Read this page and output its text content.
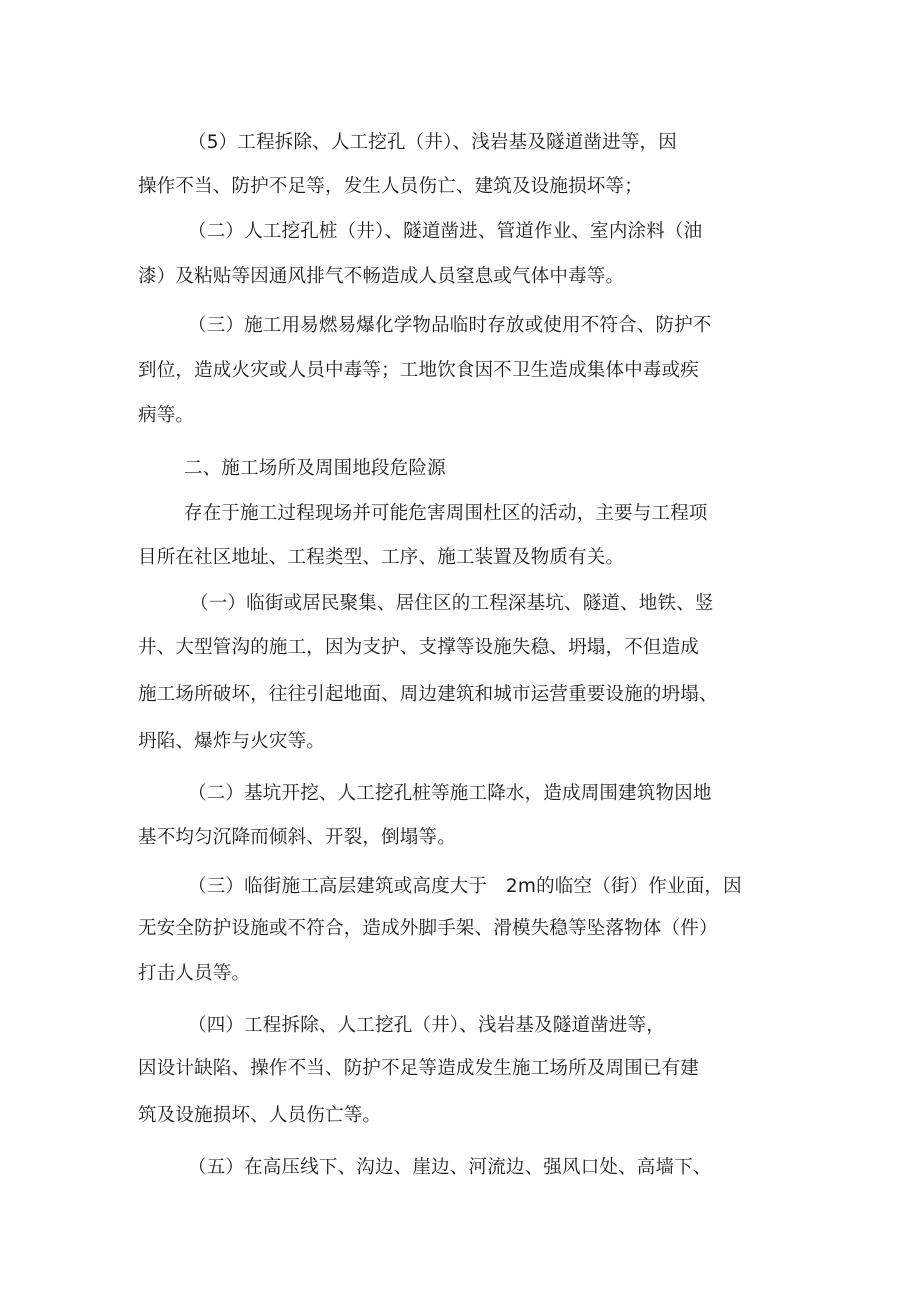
（5）工程拆除、人工挖孔（井）、浅岩基及隧道凿进等，因
操作不当、防护不足等，发生人员伤亡、建筑及设施损坏等；
（二）人工挖孔桩（井）、隧道凿进、管道作业、室内涂料（油
漆）及粘贴等因通风排气不畅造成人员窒息或气体中毒等。
（三）施工用易燃易爆化学物品临时存放或使用不符合、防护不
到位，造成火灾或人员中毒等；工地饮食因不卫生造成集体中毒或疾
病等。
二、施工场所及周围地段危险源
存在于施工过程现场并可能危害周围杜区的活动，主要与工程项
目所在社区地址、工程类型、工序、施工装置及物质有关。
（一）临街或居民聚集、居住区的工程深基坑、隧道、地铁、竖
井、大型管沟的施工，因为支护、支撑等设施失稳、坍塌，不但造成
施工场所破坏，往往引起地面、周边建筑和城市运营重要设施的坍塌、
坍陷、爆炸与火灾等。
（二）基坑开挖、人工挖孔桩等施工降水，造成周围建筑物因地
基不均匀沉降而倾斜、开裂，倒塌等。
（三）临街施工高层建筑或高度大于　2m的临空（街）作业面，因
无安全防护设施或不符合，造成外脚手架、滑模失稳等坠落物体（件）
打击人员等。
（四）工程拆除、人工挖孔（井）、浅岩基及隧道凿进等，
因设计缺陷、操作不当、防护不足等造成发生施工场所及周围已有建
筑及设施损坏、人员伤亡等。
（五）在高压线下、沟边、崖边、河流边、强风口处、高墙下、
